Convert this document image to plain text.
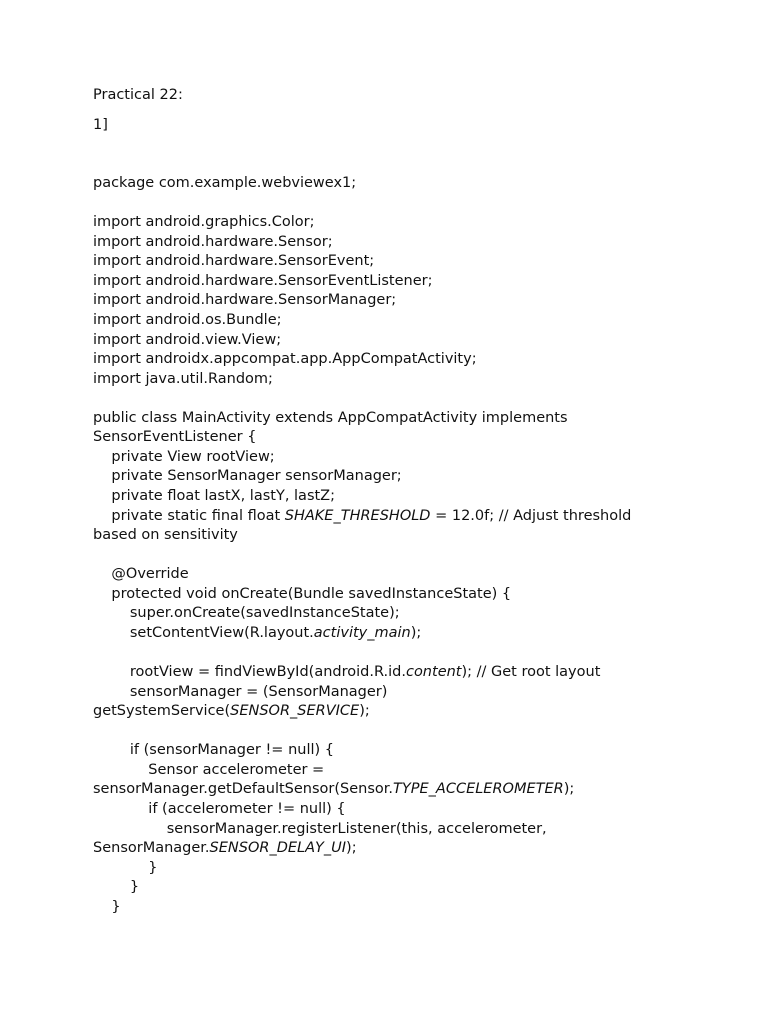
Practical 22:
1]
package com.example.webviewex1;
import android.graphics.Color;
import android.hardware.Sensor;
import android.hardware.SensorEvent;
import android.hardware.SensorEventListener;
import android.hardware.SensorManager;
import android.os.Bundle;
import android.view.View;
import androidx.appcompat.app.AppCompatActivity;
import java.util.Random;
public class MainActivity extends AppCompatActivity implements
SensorEventListener {
private View rootView;
private SensorManager sensorManager;
private float lastX, lastY, lastZ;
private static final float SHAKE_THRESHOLD = 12.0f; // Adjust threshold
based on sensitivity
@Override
protected void onCreate(Bundle savedInstanceState) {
super.onCreate(savedInstanceState);
setContentView(R.layout.activity_main);
rootView = findViewById(android.R.id.content); // Get root layout
sensorManager = (SensorManager)
getSystemService(SENSOR_SERVICE);
if (sensorManager != null) {
Sensor accelerometer =
sensorManager.getDefaultSensor(Sensor.TYPE_ACCELEROMETER);
if (accelerometer != null) {
sensorManager.registerListener(this, accelerometer,
SensorManager.SENSOR_DELAY_UI);
}
}
}
